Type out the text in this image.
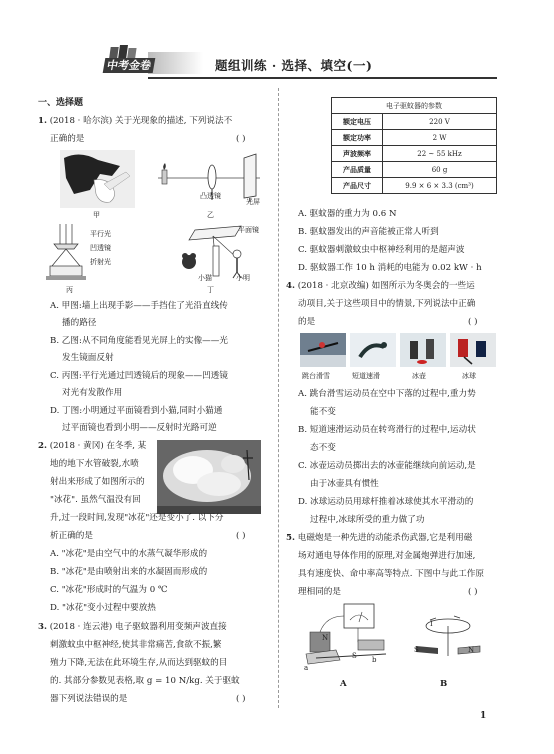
中考金卷	题组训练 · 选择、填空(一)
一、选择题
1. (2018 · 哈尔滨) 关于光现象的描述, 下列说法不
正确的是	( )
甲
凸透镜
光屏
乙
平行光
凹透镜
折射光
丙
平面镜
小猫	小明
丁
A. 甲图:墙上出现手影——手挡住了光沿直线传
播的路径
B. 乙图:从不同角度能看见光屏上的实像——光
发生镜面反射
C. 丙图:平行光通过凹透镜后的现象——凹透镜
对光有发散作用
D. 丁图:小明通过平面镜看到小猫,同时小猫通
过平面镜也看到小明——反射时光路可逆
2. (2018 · 黄冈) 在冬季, 某
地的地下水管破裂,水喷
射出来形成了如图所示的
"冰花". 虽然气温没有回
升,过一段时间,发现"冰花"还是变小了. 以下分
析正确的是	( )
A. "冰花"是由空气中的水蒸气凝华形成的
B. "冰花"是由喷射出来的水凝固而形成的
C. "冰花"形成时的气温为 0 ℃
D. "冰花"变小过程中要放热
3. (2018 · 连云港) 电子驱蚊器利用变频声波直接
刺激蚊虫中枢神经,使其非常痛苦,食欲不振,繁
殖力下降,无法在此环境生存,从而达到驱蚊的目
的. 其部分参数见表格,取 g = 10 N/kg. 关于驱蚊
器下列说法错误的是	( )
电子驱蚊器的参数	
额定电压	220 V
额定功率	2 W
声波频率	22 ~ 55 kHz
产品质量	60 g
产品尺寸	9.9 × 6 × 3.3 (cm³)
A. 驱蚊器的重力为 0.6 N
B. 驱蚊器发出的声音能被正常人听到
C. 驱蚊器刺激蚊虫中枢神经利用的是超声波
D. 驱蚊器工作 10 h 消耗的电能为 0.02 kW · h
4. (2018 · 北京改编) 如图所示为冬奥会的一些运
动项目,关于这些项目中的情景,下列说法中正确
的是	( )
跳台滑雪	短道速滑	冰壶	冰球
A. 跳台滑雪运动员在空中下落的过程中,重力势
能不变
B. 短道速滑运动员在转弯滑行的过程中,运动状
态不变
C. 冰壶运动员掷出去的冰壶能继续向前运动,是
由于冰壶具有惯性
D. 冰球运动员用球杆推着冰球使其水平滑动的
过程中,冰球所受的重力做了功
5. 电磁炮是一种先进的动能杀伤武器,它是利用磁
场对通电导体作用的原理,对金属炮弹进行加速,
具有速度快、命中率高等特点. 下图中与此工作原
理相同的是	( )
N
S
a
b
I
S	N
A	B
1
